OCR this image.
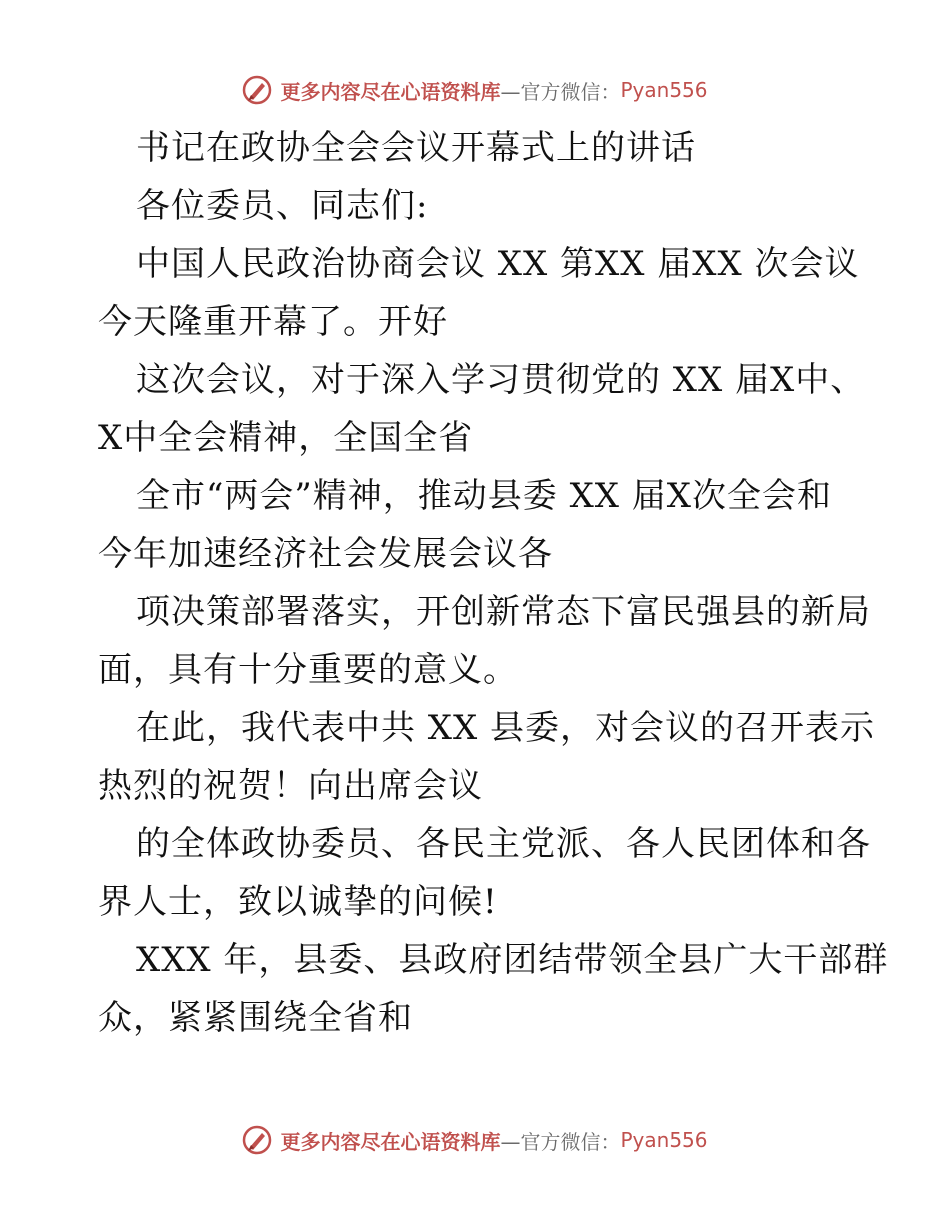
更多内容尽在心语资料库 —官方微信： Pyan556
书记在政协全会会议开幕式上的讲话
各位委员、同志们:
中国人民政治协商会议 XX 第XX 届XX 次会议
今天隆重开幕了。开好
这次会议，对于深入学习贯彻党的 XX 届X中、
X中全会精神，全国全省
全市“两会”精神，推动县委 XX 届X次全会和
今年加速经济社会发展会议各
项决策部署落实，开创新常态下富民强县的新局
面，具有十分重要的意义。
在此，我代表中共 XX 县委，对会议的召开表示
热烈的祝贺！向出席会议
的全体政协委员、各民主党派、各人民团体和各
界人士，致以诚挚的问候!
XXX 年，县委、县政府团结带领全县广大干部群
众，紧紧围绕全省和
更多内容尽在心语资料库 —官方微信： Pyan556
